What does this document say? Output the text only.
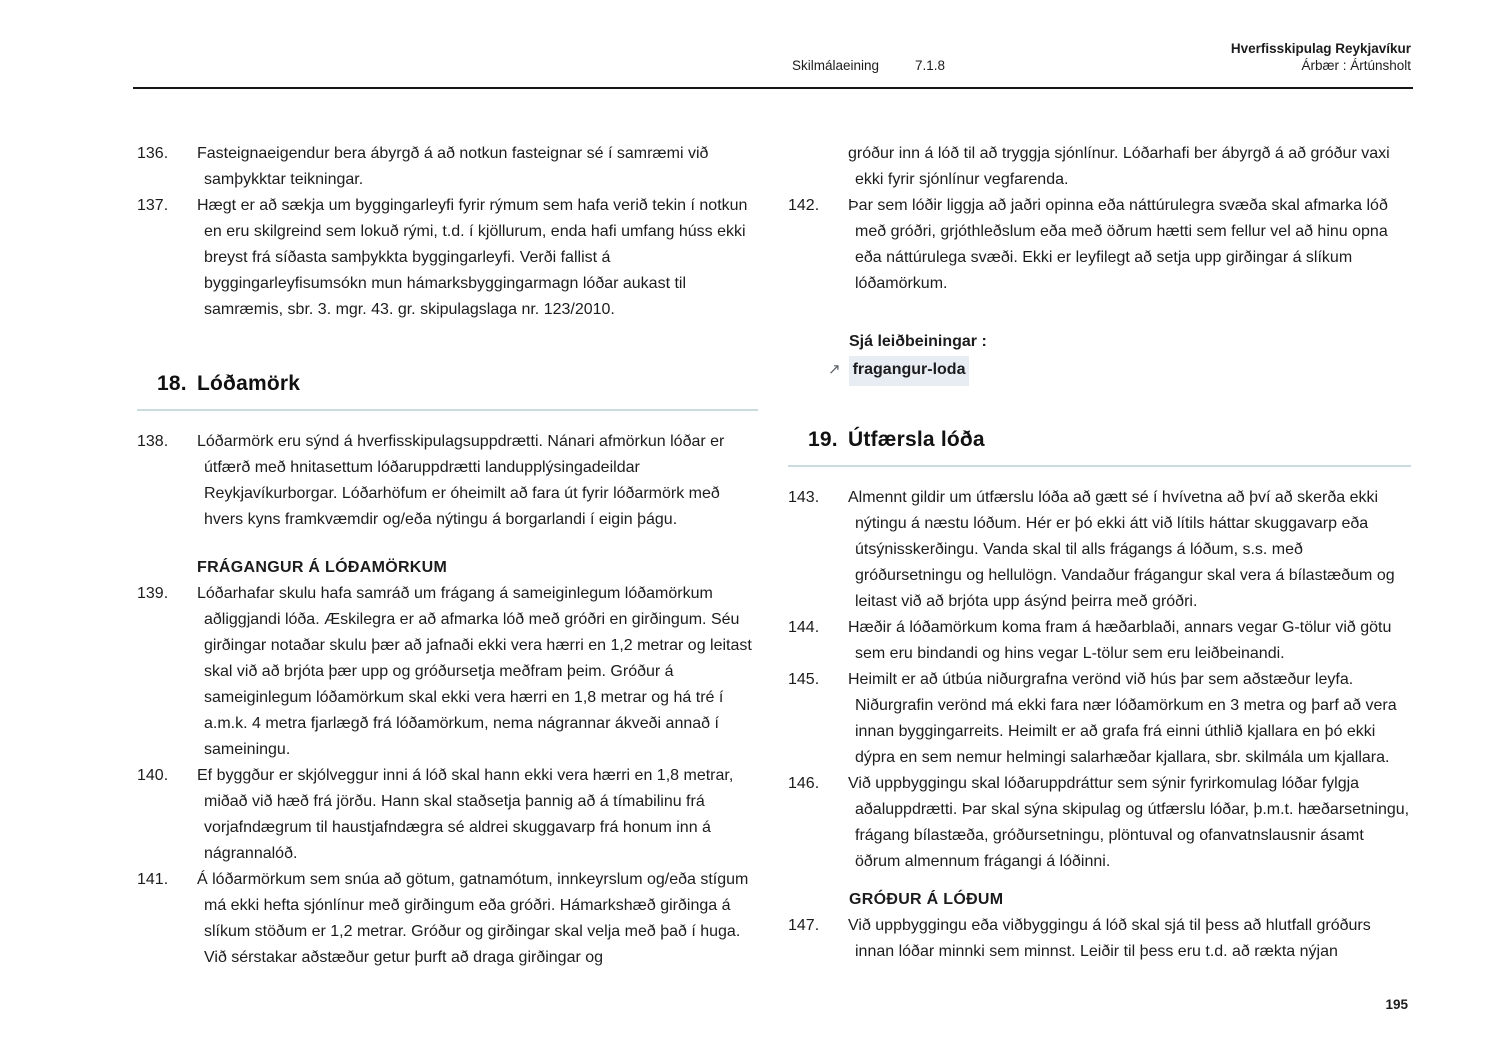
Skilmálaeining	7.1.8
Hverfisskipulag Reykjavíkur
Árbær : Ártúnsholt
136.	Fasteignaeigendur bera ábyrgð á að notkun fasteignar sé í samræmi við samþykktar teikningar.
137.	Hægt er að sækja um byggingarleyfi fyrir rýmum sem hafa verið tekin í notkun en eru skilgreind sem lokuð rými, t.d. í kjöllurum, enda hafi umfang húss ekki breyst frá síðasta samþykkta byggingarleyfi. Verði fallist á byggingarleyfisumsókn mun hámarksbyggingarmagn lóðar aukast til samræmis, sbr. 3. mgr. 43. gr. skipulagslaga nr. 123/2010.
18. Lóðamörk
138.	Lóðarmörk eru sýnd á hverfisskipulagsuppdrætti. Nánari afmörkun lóðar er útfærð með hnitasettum lóðaruppdrætti landupplýsingadeildar Reykjavíkurborgar. Lóðarhöfum er óheimilt að fara út fyrir lóðarmörk með hvers kyns framkvæmdir og/eða nýtingu á borgarlandi í eigin þágu.
FRÁGANGUR Á LÓÐAMÖRKUM
139.	Lóðarhafar skulu hafa samráð um frágang á sameiginlegum lóðamörkum aðliggjandi lóða. Æskilegra er að afmarka lóð með gróðri en girðingum. Séu girðingar notaðar skulu þær að jafnaði ekki vera hærri en 1,2 metrar og leitast skal við að brjóta þær upp og gróðursetja meðfram þeim. Gróður á sameiginlegum lóðamörkum skal ekki vera hærri en 1,8 metrar og há tré í a.m.k. 4 metra fjarlægð frá lóðamörkum, nema nágrannar ákveði annað í sameiningu.
140.	Ef byggður er skjólveggur inni á lóð skal hann ekki vera hærri en 1,8 metrar, miðað við hæð frá jörðu. Hann skal staðsetja þannig að á tímabilinu frá vorjafndægrum til haustjafndægra sé aldrei skuggavarp frá honum inn á nágrannalóð.
141.	Á lóðarmörkum sem snúa að götum, gatnamótum, innkeyrslum og/eða stígum má ekki hefta sjónlínur með girðingum eða gróðri. Hámarkshæð girðinga á slíkum stöðum er 1,2 metrar. Gróður og girðingar skal velja með það í huga. Við sérstakar aðstæður getur þurft að draga girðingar og
gróður inn á lóð til að tryggja sjónlínur. Lóðarhafi ber ábyrgð á að gróður vaxi ekki fyrir sjónlínur vegfarenda.
142.	Þar sem lóðir liggja að jaðri opinna eða náttúrulegra svæða skal afmarka lóð með gróðri, grjóthleðslum eða með öðrum hætti sem fellur vel að hinu opna eða náttúrulega svæði. Ekki er leyfilegt að setja upp girðingar á slíkum lóðamörkum.
Sjá leiðbeiningar :
↗ fragangur-loda
19. Útfærsla lóða
143.	Almennt gildir um útfærslu lóða að gætt sé í hvívetna að því að skerða ekki nýtingu á næstu lóðum. Hér er þó ekki átt við lítils háttar skuggavarp eða útsýnisskerðingu. Vanda skal til alls frágangs á lóðum, s.s. með gróðursetningu og hellulögn. Vandaður frágangur skal vera á bílastæðum og leitast við að brjóta upp ásýnd þeirra með gróðri.
144.	Hæðir á lóðamörkum koma fram á hæðarblaði, annars vegar G-tölur við götu sem eru bindandi og hins vegar L-tölur sem eru leiðbeinandi.
145.	Heimilt er að útbúa niðurgrafna verönd við hús þar sem aðstæður leyfa. Niðurgrafin verönd má ekki fara nær lóðamörkum en 3 metra og þarf að vera innan byggingarreits. Heimilt er að grafa frá einni úthlið kjallara en þó ekki dýpra en sem nemur helmingi salarhæðar kjallara, sbr. skilmála um kjallara.
146.	Við uppbyggingu skal lóðaruppdráttur sem sýnir fyrirkomulag lóðar fylgja aðaluppdrætti. Þar skal sýna skipulag og útfærslu lóðar, þ.m.t. hæðarsetningu, frágang bílastæða, gróðursetningu, plöntuval og ofanvatnslausnir ásamt öðrum almennum frágangi á lóðinni.
GRÓÐUR Á LÓÐUM
147.	Við uppbyggingu eða viðbyggingu á lóð skal sjá til þess að hlutfall gróðurs innan lóðar minnki sem minnst. Leiðir til þess eru t.d. að rækta nýjan
195
